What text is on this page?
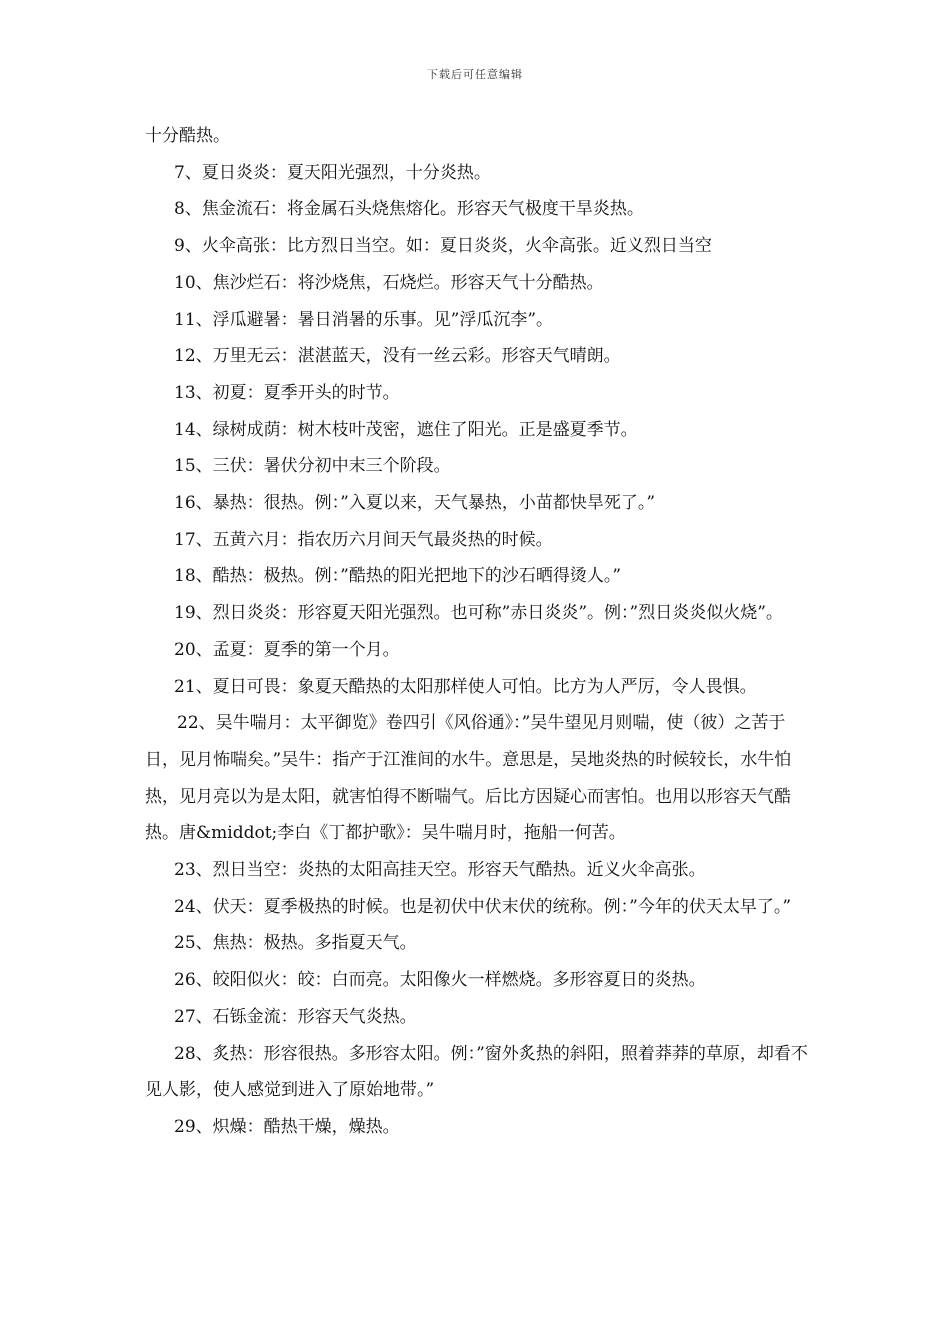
下载后可任意编辑

十分酷热。

7、夏日炎炎：夏天阳光强烈，十分炎热。

8、焦金流石：将金属石头烧焦熔化。形容天气极度干旱炎热。

9、火伞高张：比方烈日当空。如：夏日炎炎，火伞高张。近义烈日当空

10、焦沙烂石：将沙烧焦，石烧烂。形容天气十分酷热。

11、浮瓜避暑：暑日消暑的乐事。见”浮瓜沉李”。

12、万里无云：湛湛蓝天，没有一丝云彩。形容天气晴朗。

13、初夏：夏季开头的时节。

14、绿树成荫：树木枝叶茂密，遮住了阳光。正是盛夏季节。

15、三伏：暑伏分初中末三个阶段。

16、暴热：很热。例：”入夏以来，天气暴热，小苗都快旱死了。”

17、五黄六月：指农历六月间天气最炎热的时候。

18、酷热：极热。例：”酷热的阳光把地下的沙石晒得烫人。”

19、烈日炎炎：形容夏天阳光强烈。也可称”赤日炎炎”。例：”烈日炎炎似火烧”。

20、孟夏：夏季的第一个月。

21、夏日可畏：象夏天酷热的太阳那样使人可怕。比方为人严厉，令人畏惧。

22、吴牛喘月：太平御览》卷四引《风俗通》：”吴牛望见月则喘，使（彼）之苦于日，见月怖喘矣。”吴牛：指产于江淮间的水牛。意思是，吴地炎热的时候较长，水牛怕热，见月亮以为是太阳，就害怕得不断喘气。后比方因疑心而害怕。也用以形容天气酷热。唐&middot;李白《丁都护歌》：吴牛喘月时，拖船一何苦。

23、烈日当空：炎热的太阳高挂天空。形容天气酷热。近义火伞高张。

24、伏天：夏季极热的时候。也是初伏中伏末伏的统称。例：”今年的伏天太早了。”

25、焦热：极热。多指夏天气。

26、皎阳似火：皎：白而亮。太阳像火一样燃烧。多形容夏日的炎热。

27、石铄金流：形容天气炎热。

28、炙热：形容很热。多形容太阳。例：”窗外炙热的斜阳，照着莽莽的草原，却看不见人影，使人感觉到进入了原始地带。”

29、炽燥：酷热干燥，燥热。
